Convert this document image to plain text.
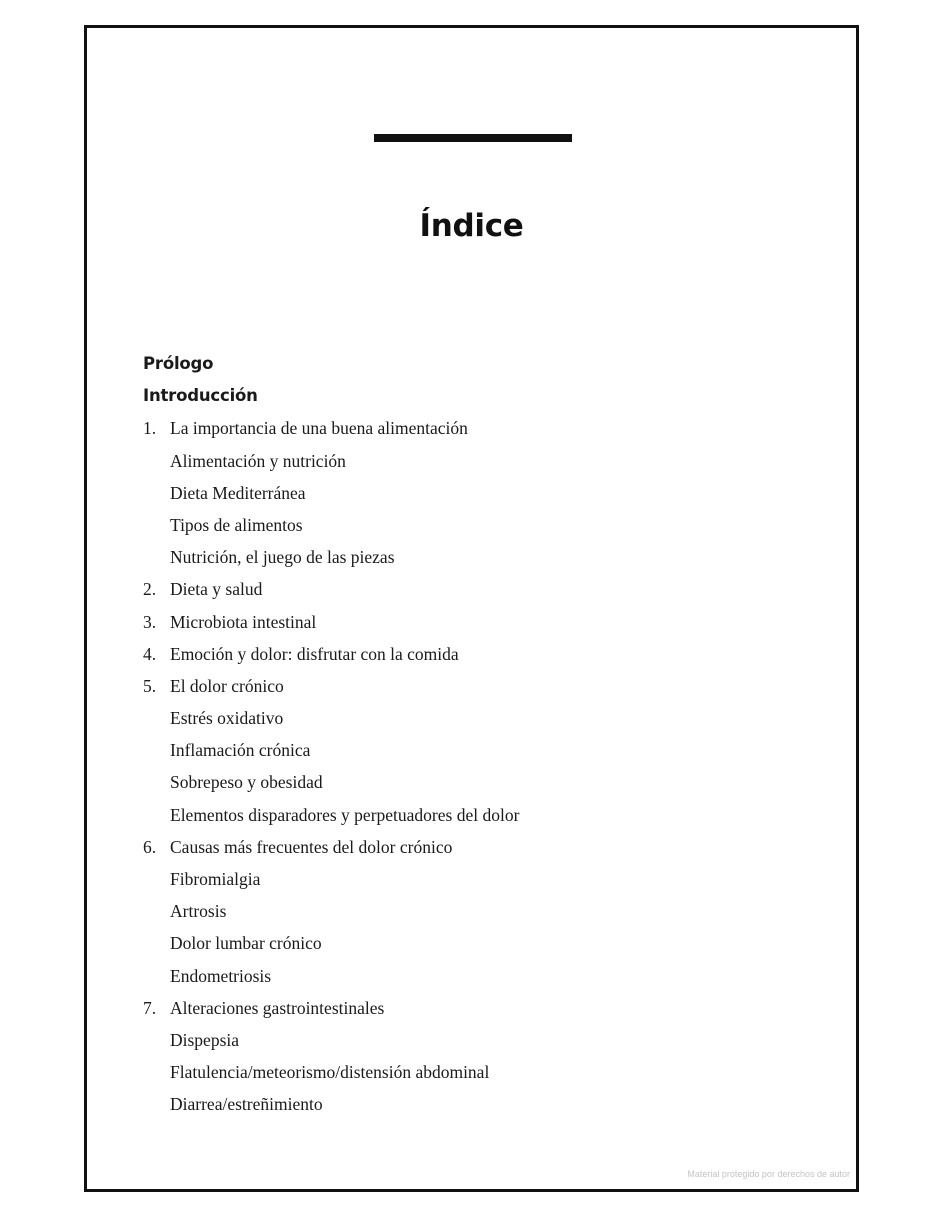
Índice
Prólogo
Introducción
1. La importancia de una buena alimentación
Alimentación y nutrición
Dieta Mediterránea
Tipos de alimentos
Nutrición, el juego de las piezas
2. Dieta y salud
3. Microbiota intestinal
4. Emoción y dolor: disfrutar con la comida
5. El dolor crónico
Estrés oxidativo
Inflamación crónica
Sobrepeso y obesidad
Elementos disparadores y perpetuadores del dolor
6. Causas más frecuentes del dolor crónico
Fibromialgia
Artrosis
Dolor lumbar crónico
Endometriosis
7. Alteraciones gastrointestinales
Dispepsia
Flatulencia/meteorismo/distensión abdominal
Diarrea/estreñimiento
Material protegido por derechos de autor
